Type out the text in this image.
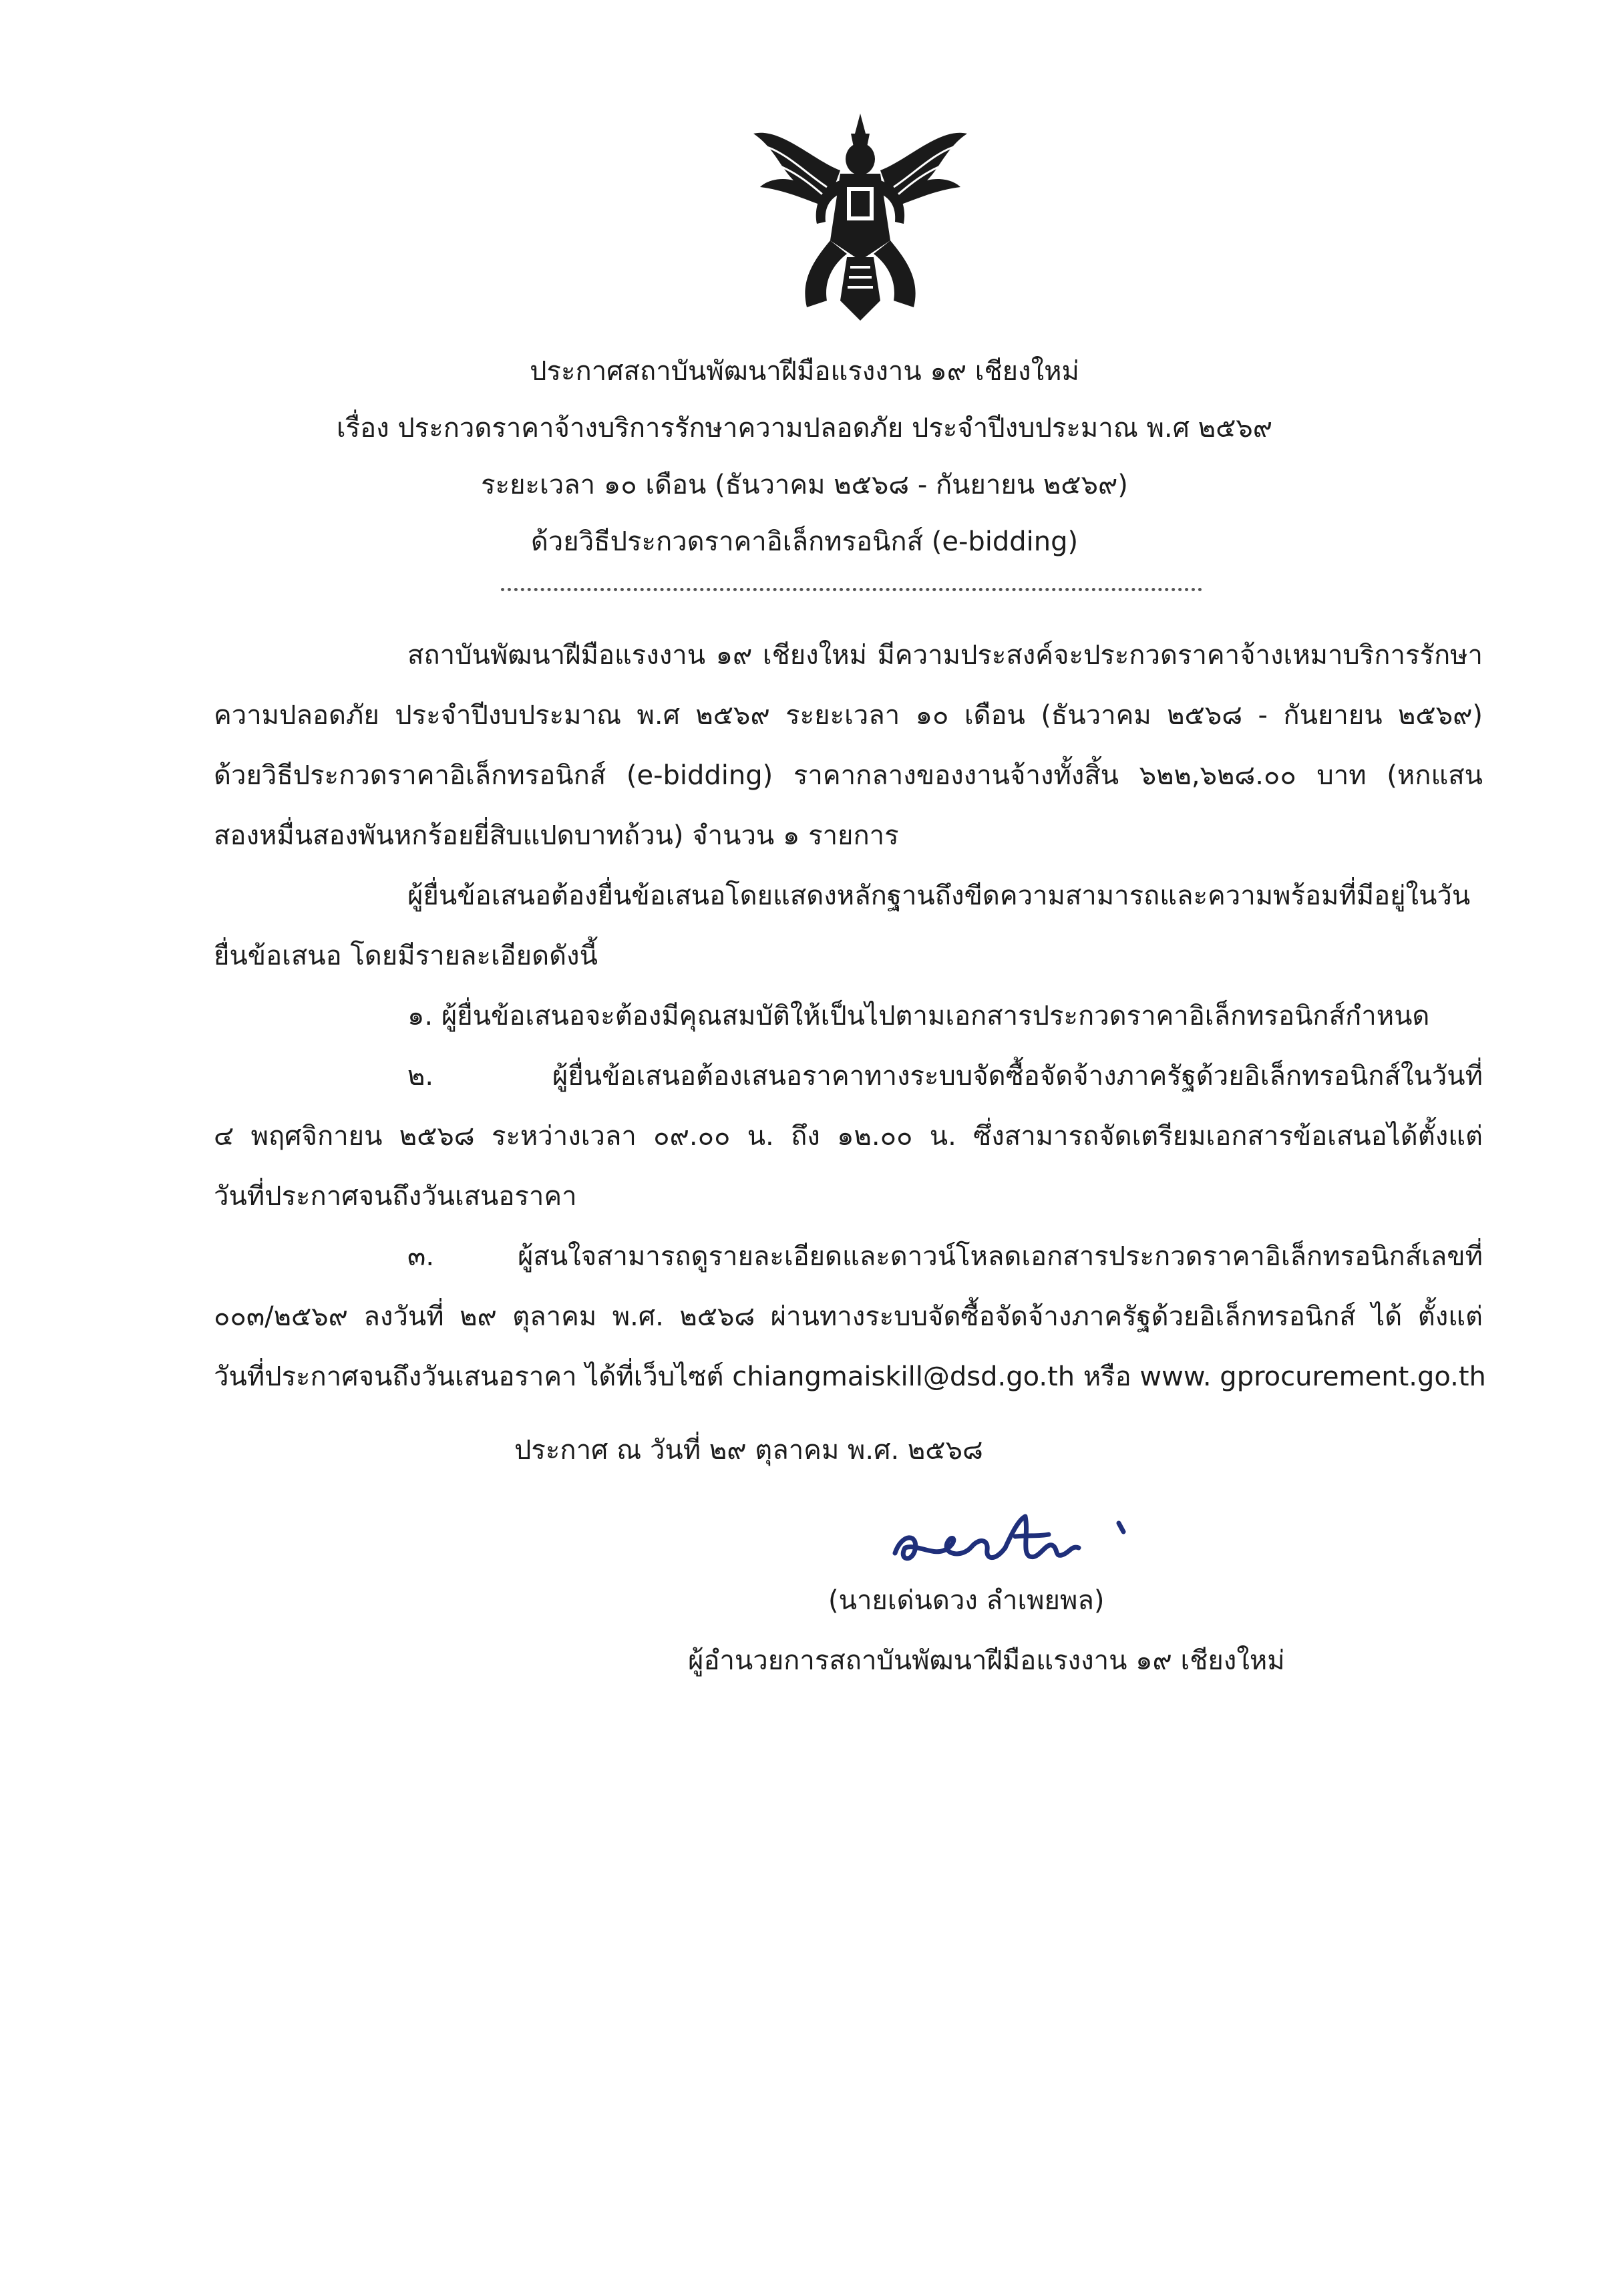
ประกาศสถาบันพัฒนาฝีมือแรงงาน ๑๙ เชียงใหม่
เรื่อง ประกวดราคาจ้างบริการรักษาความปลอดภัย ประจำปีงบประมาณ พ.ศ ๒๕๖๙
ระยะเวลา ๑๐ เดือน (ธันวาคม ๒๕๖๘ - กันยายน ๒๕๖๙)
ด้วยวิธีประกวดราคาอิเล็กทรอนิกส์ (e-bidding)
สถาบันพัฒนาฝีมือแรงงาน ๑๙ เชียงใหม่ มีความประสงค์จะประกวดราคาจ้างเหมาบริการรักษา
ความปลอดภัย ประจำปีงบประมาณ พ.ศ ๒๕๖๙ ระยะเวลา ๑๐ เดือน (ธันวาคม ๒๕๖๘ - กันยายน ๒๕๖๙)
ด้วยวิธีประกวดราคาอิเล็กทรอนิกส์ (e-bidding) ราคากลางของงานจ้างทั้งสิ้น ๖๒๒,๖๒๘.๐๐ บาท (หกแสน
สองหมื่นสองพันหกร้อยยี่สิบแปดบาทถ้วน) จำนวน ๑ รายการ
ผู้ยื่นข้อเสนอต้องยื่นข้อเสนอโดยแสดงหลักฐานถึงขีดความสามารถและความพร้อมที่มีอยู่ในวัน
ยื่นข้อเสนอ โดยมีรายละเอียดดังนี้
๑. ผู้ยื่นข้อเสนอจะต้องมีคุณสมบัติให้เป็นไปตามเอกสารประกวดราคาอิเล็กทรอนิกส์กำหนด
๒. ผู้ยื่นข้อเสนอต้องเสนอราคาทางระบบจัดซื้อจัดจ้างภาครัฐด้วยอิเล็กทรอนิกส์ในวันที่
๔ พฤศจิกายน ๒๕๖๘ ระหว่างเวลา ๐๙.๐๐ น. ถึง ๑๒.๐๐ น. ซึ่งสามารถจัดเตรียมเอกสารข้อเสนอได้ตั้งแต่
วันที่ประกาศจนถึงวันเสนอราคา
๓. ผู้สนใจสามารถดูรายละเอียดและดาวน์โหลดเอกสารประกวดราคาอิเล็กทรอนิกส์เลขที่
๐๐๓/๒๕๖๙ ลงวันที่ ๒๙ ตุลาคม พ.ศ. ๒๕๖๘ ผ่านทางระบบจัดซื้อจัดจ้างภาครัฐด้วยอิเล็กทรอนิกส์ ได้ ตั้งแต่
วันที่ประกาศจนถึงวันเสนอราคา ได้ที่เว็บไซต์ chiangmaiskill@dsd.go.th หรือ www. gprocurement.go.th
ประกาศ ณ วันที่ ๒๙ ตุลาคม พ.ศ. ๒๕๖๘
(นายเด่นดวง ลำเพยพล)
ผู้อำนวยการสถาบันพัฒนาฝีมือแรงงาน ๑๙ เชียงใหม่
